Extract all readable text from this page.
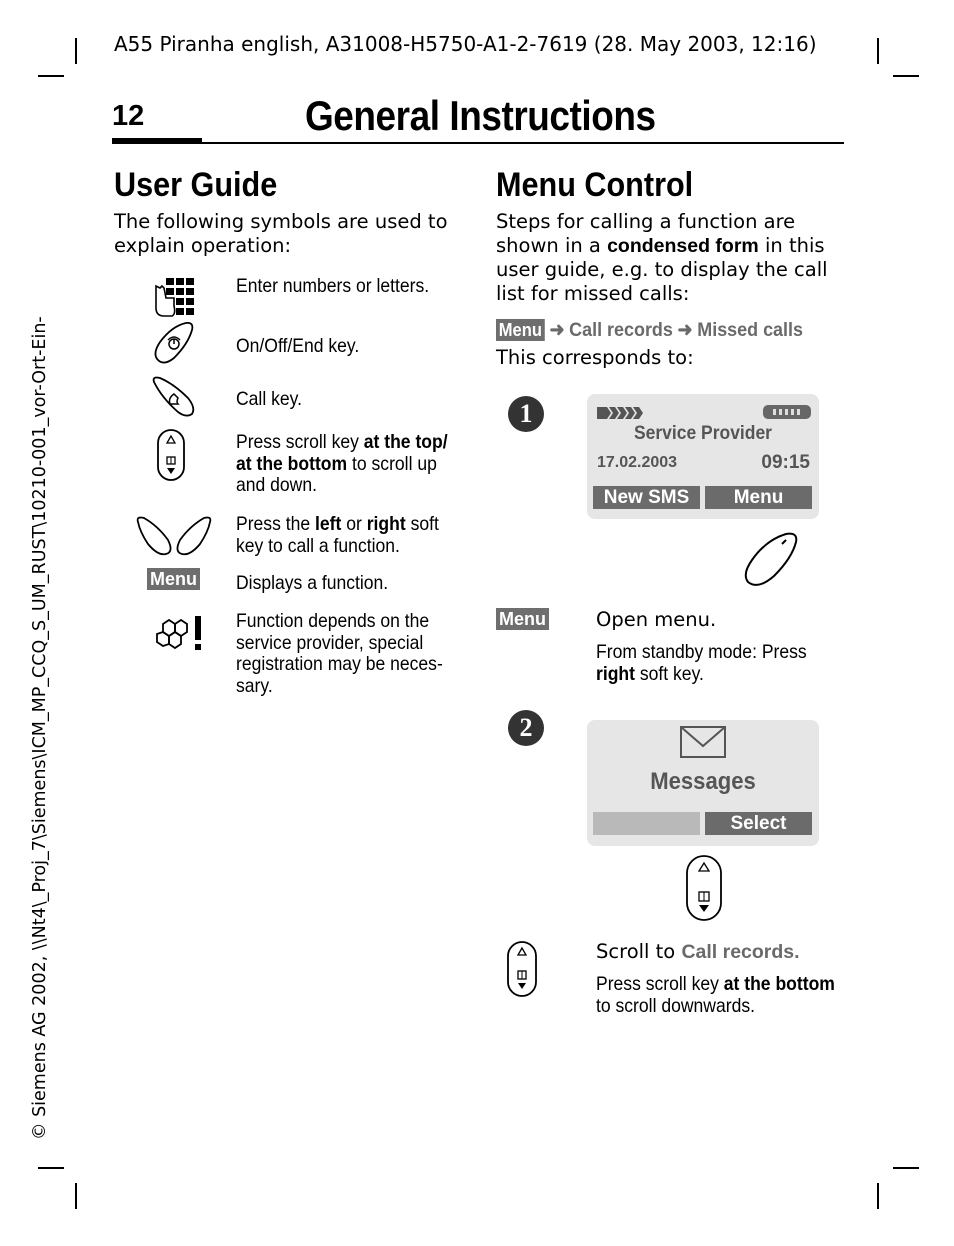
A55 Piranha english, A31008-H5750-A1-2-7619 (28. May 2003, 12:16)
12	General Instructions
© Siemens AG 2002, \\Nt4\_Proj_7\Siemens\ICM_MP_CCQ_S_UM_RUST\10210-001_vor-Ort-Ein-
User Guide
The following symbols are used to explain operation:
Enter numbers or letters.
On/Off/End key.
Call key.
Press scroll key at the top/ at the bottom to scroll up and down.
Press the left or right soft key to call a function.
Menu Displays a function.
Function depends on the service provider, special registration may be neces-sary.
Menu Control
Steps for calling a function are shown in a condensed form in this user guide, e.g. to display the call list for missed calls:
Menu ➜ Call records ➜ Missed calls
This corresponds to:
1
Service Provider
17.02.2003	09:15
New SMS	Menu
Menu	Open menu.
From standby mode: Press right soft key.
2
Messages
Select
Scroll to Call records.
Press scroll key at the bottom to scroll downwards.
